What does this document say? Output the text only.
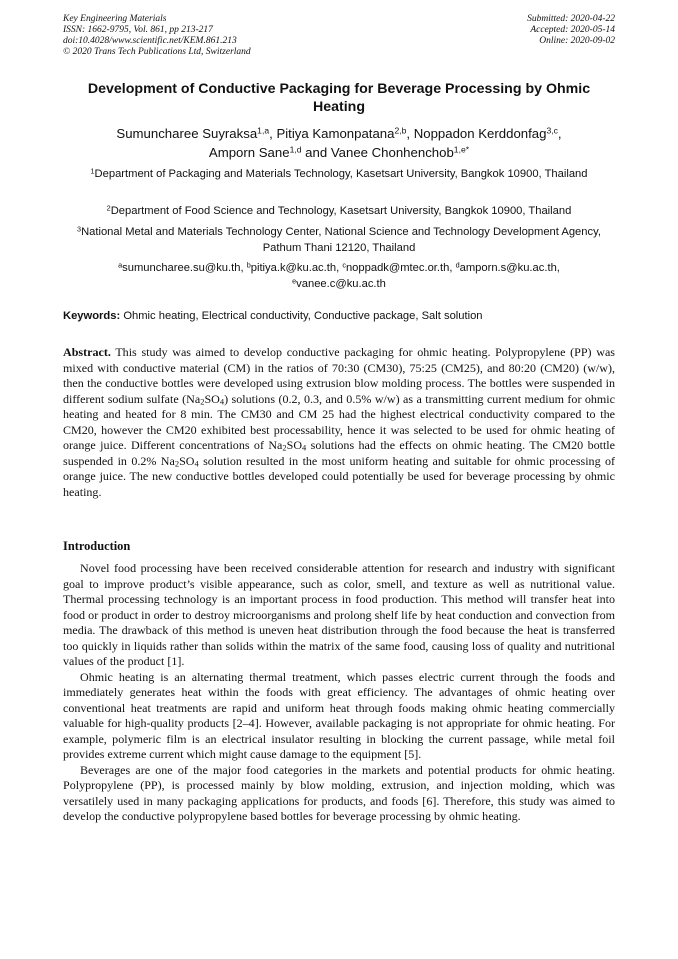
Key Engineering Materials
ISSN: 1662-9795, Vol. 861, pp 213-217
doi:10.4028/www.scientific.net/KEM.861.213
© 2020 Trans Tech Publications Ltd, Switzerland
Submitted: 2020-04-22
Accepted: 2020-05-14
Online: 2020-09-02
Development of Conductive Packaging for Beverage Processing by Ohmic Heating
Sumuncharee Suyraksa$^{1,a}$, Pitiya Kamonpatana$^{2,b}$, Noppadon Kerddonfag$^{3,c}$,
Amporn Sane$^{1,d}$ and Vanee Chonhenchob$^{1,e*}$
$^1$Department of Packaging and Materials Technology, Kasetsart University, Bangkok 10900, Thailand
$^2$Department of Food Science and Technology, Kasetsart University, Bangkok 10900, Thailand
$^3$National Metal and Materials Technology Center, National Science and Technology Development Agency, Pathum Thani 12120, Thailand
$^a$sumuncharee.su@ku.th, $^b$pitiya.k@ku.ac.th, $^c$noppadk@mtec.or.th, $^d$amporn.s@ku.ac.th,
$^e$vanee.c@ku.ac.th
Keywords: Ohmic heating, Electrical conductivity, Conductive package, Salt solution
Abstract. This study was aimed to develop conductive packaging for ohmic heating. Polypropylene (PP) was mixed with conductive material (CM) in the ratios of 70:30 (CM30), 75:25 (CM25), and 80:20 (CM20) (w/w), then the conductive bottles were developed using extrusion blow molding process. The bottles were suspended in different sodium sulfate $(Na_2SO_4)$ solutions (0.2, 0.3, and 0.5% w/w) as a transmitting current medium for ohmic heating and heated for 8 min. The CM30 and CM 25 had the highest electrical conductivity compared to the CM20, however the CM20 exhibited best processability, hence it was selected to be used for ohmic heating of orange juice. Different concentrations of $Na_2SO_4$ solutions had the effects on ohmic heating. The CM20 bottle suspended in 0.2% $Na_2SO_4$ solution resulted in the most uniform heating and suitable for ohmic processing of orange juice. The new conductive bottles developed could potentially be used for beverage processing by ohmic heating.
Introduction

Novel food processing have been received considerable attention for research and industry with significant goal to improve product’s visible appearance, such as color, smell, and texture as well as nutritional value. Thermal processing technology is an important process in food production. This method will transfer heat into food or product in order to destroy microorganisms and prolong shelf life by heat conduction and convection from media. The drawback of this method is uneven heat distribution through the food because the heat is transferred too quickly in liquids rather than solids within the matrix of the same food, causing loss of quality and nutritional values of the product [1].

Ohmic heating is an alternating thermal treatment, which passes electric current through the foods and immediately generates heat within the foods with great efficiency. The advantages of ohmic heating over conventional heat treatments are rapid and uniform heat through foods making ohmic heating commercially valuable for high-quality products [2–4]. However, available packaging is not appropriate for ohmic heating. For example, polymeric film is an electrical insulator resulting in blocking the current passage, while metal foil provides extreme current which might cause damage to the equipment [5].

Beverages are one of the major food categories in the markets and potential products for ohmic heating. Polypropylene (PP), is processed mainly by blow molding, extrusion, and injection molding, which was versatilely used in many packaging applications for products, and foods [6]. Therefore, this study was aimed to develop the conductive polypropylene based bottles for beverage processing by ohmic heating.
